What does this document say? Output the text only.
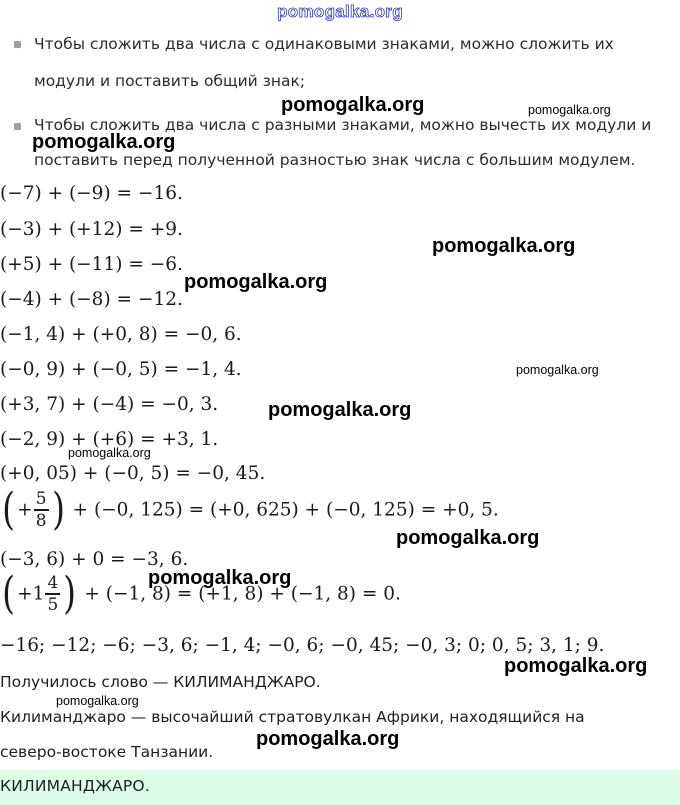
pomogalka.org
Чтобы сложить два числа с одинаковыми знаками, можно сложить их
модули и поставить общий знак;
Чтобы сложить два числа с разными знаками, можно вычесть их модули и
поставить перед полученной разностью знак числа с большим модулем.
(−7) + (−9) = −16.
(−3) + (+12) = +9.
(+5) + (−11) = −6.
(−4) + (−8) = −12.
(−1, 4) + (+0, 8) = −0, 6.
(−0, 9) + (−0, 5) = −1, 4.
(+3, 7) + (−4) = −0, 3.
(−2, 9) + (+6) = +3, 1.
(+0, 05) + (−0, 5) = −0, 45.
( + $\frac{5}{8}$ ) + (−0, 125) = (+0, 625) + (−0, 125) = +0, 5.
(−3, 6) + 0 = −3, 6.
( $+1 \frac{4}{5}$ ) + (−1, 8) = (+1, 8) + (−1, 8) = 0.
−16; −12; −6; −3, 6; −1, 4; −0, 6; −0, 45; −0, 3; 0; 0, 5; 3, 1; 9.
Получилось слово — КИЛИМАНДЖАРО.
Килиманджаро — высочайший стратовулкан Африки, находящийся на
северо-востоке Танзании.
КИЛИМАНДЖАРО.
pomogalka.org	pomogalka.org
pomogalka.org
pomogalka.org
pomogalka.org
pomogalka.org
pomogalka.org
pomogalka.org
pomogalka.org
pomogalka.org
pomogalka.org
pomogalka.org
pomogalka.org
